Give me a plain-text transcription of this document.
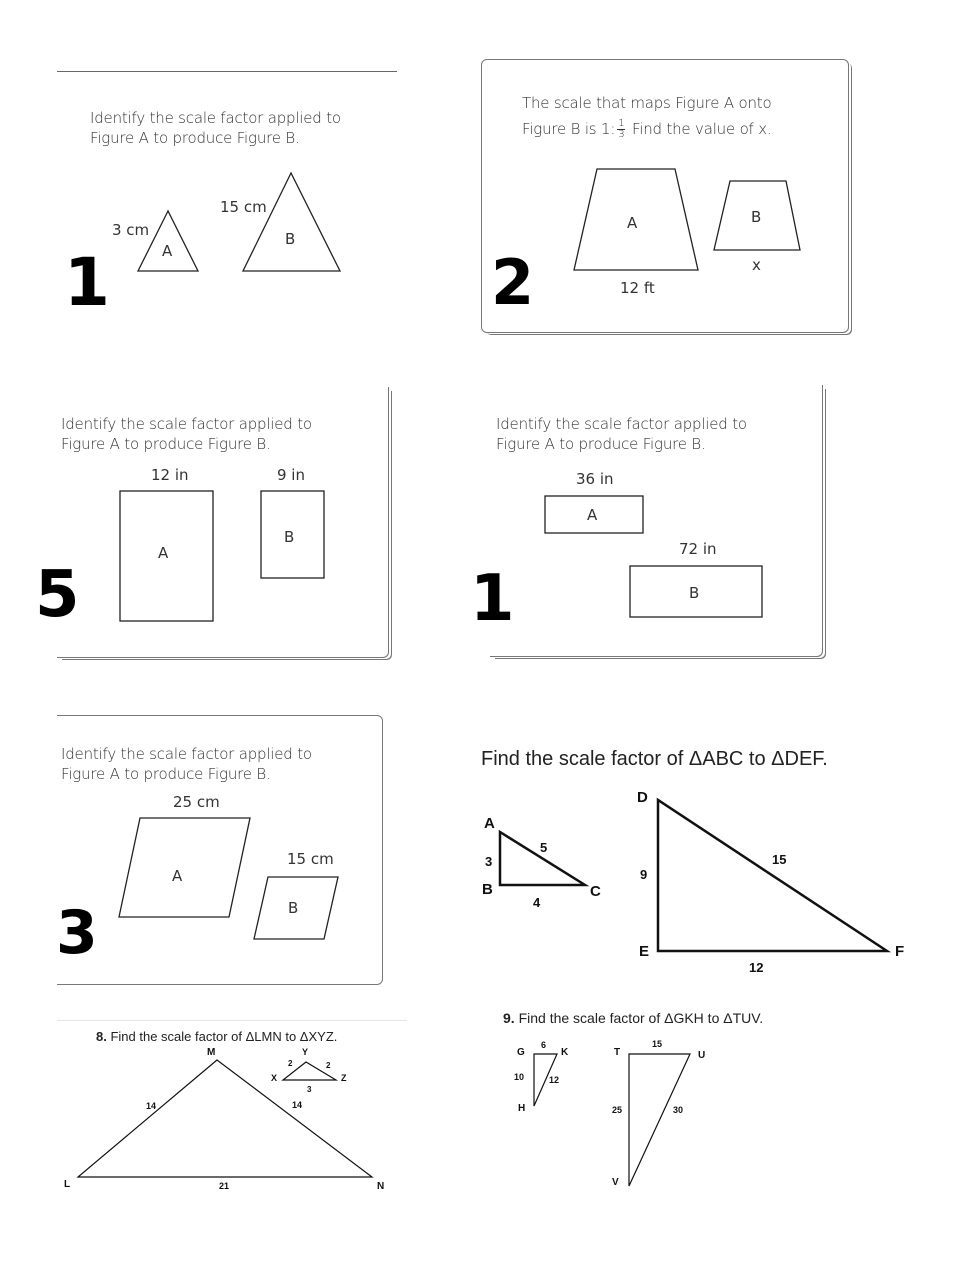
Identify the scale factor applied to
Figure A to produce Figure B.
3 cm
15 cm
A
B
1
The scale that maps Figure A onto
Figure B is 1: $\frac{1}{3}$ Find the value of x.
A	B
12 ft
x
2
Identify the scale factor applied to
Figure A to produce Figure B.
12 in	9 in
A
B
5
Identify the scale factor applied to
Figure A to produce Figure B.
36 in
72 in
A
B
1
Identify the scale factor applied to
Figure A to produce Figure B.
25 cm
15 cm
A
B
3
Find the scale factor of ΔABC to ΔDEF.
A
B	C
3
4
5
D
E	F
9
12
15
8. Find the scale factor of ΔLMN to ΔXYZ.
M
L	N
14	14
21
Y
X	Z
2	2
3
9. Find the scale factor of ΔGKH to ΔTUV.
G	K
H
6
10	12
T	U
V
15
25	30
